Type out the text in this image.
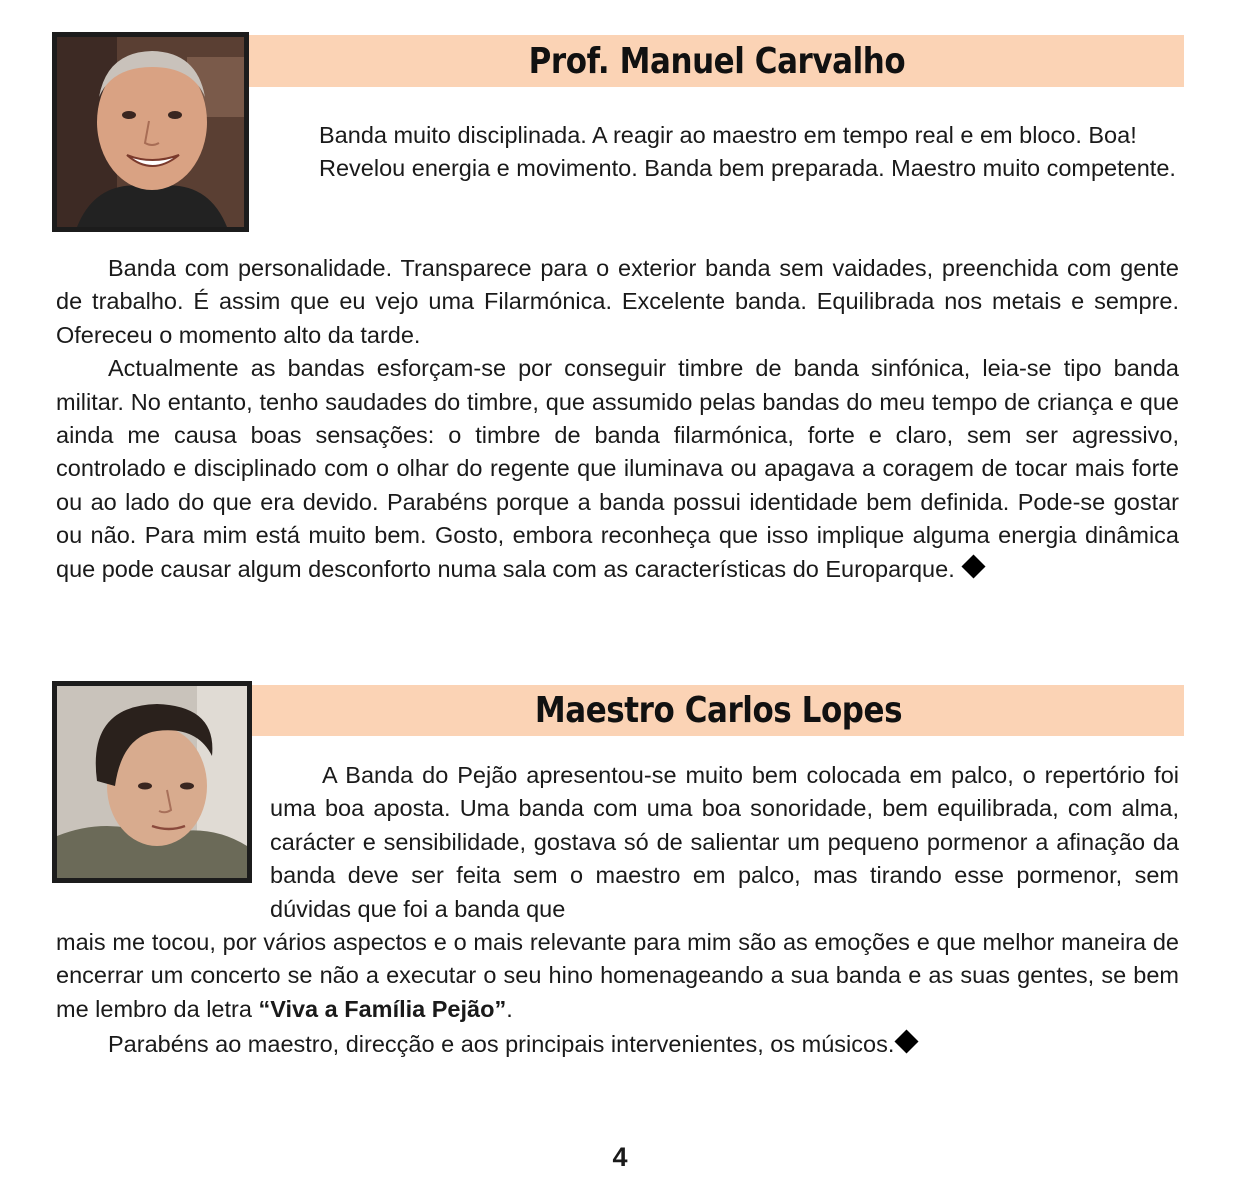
Prof. Manuel Carvalho

Banda muito disciplinada. A reagir ao maestro em tempo real e em bloco. Boa!

Revelou energia e movimento. Banda bem preparada. Maestro muito competente.

Banda com personalidade. Transparece para o exterior banda sem vaidades, preenchida com gente de trabalho. É assim que eu vejo uma Filarmónica. Excelente banda. Equilibrada nos metais e sempre. Ofereceu o momento alto da tarde.

Actualmente as bandas esforçam-se por conseguir timbre de banda sinfónica, leia-se tipo banda militar. No entanto, tenho saudades do timbre, que assumido pelas bandas do meu tempo de criança e que ainda me causa boas sensações: o timbre de banda filarmónica, forte e claro, sem ser agressivo, controlado e disciplinado com o olhar do regente que iluminava ou apagava a coragem de tocar mais forte ou ao lado do que era devido. Parabéns porque a banda possui identidade bem definida. Pode-se gostar ou não. Para mim está muito bem. Gosto, embora reconheça que isso implique alguma energia dinâmica que pode causar algum desconforto numa sala com as características do Europarque.

Maestro Carlos Lopes

A Banda do Pejão apresentou-se muito bem colocada em palco, o repertório foi uma boa aposta. Uma banda com uma boa sonoridade, bem equilibrada, com alma, carácter e sensibilidade, gostava só de salientar um pequeno pormenor a afinação da banda deve ser feita sem o maestro em palco, mas tirando esse pormenor, sem dúvidas que foi a banda que

mais me tocou, por vários aspectos e o mais relevante para mim são as emoções e que melhor maneira de encerrar um concerto se não a executar o seu hino homenageando a sua banda e as suas gentes, se bem me lembro da letra “Viva a Família Pejão”.

Parabéns ao maestro, direcção e aos principais intervenientes, os músicos.

4
